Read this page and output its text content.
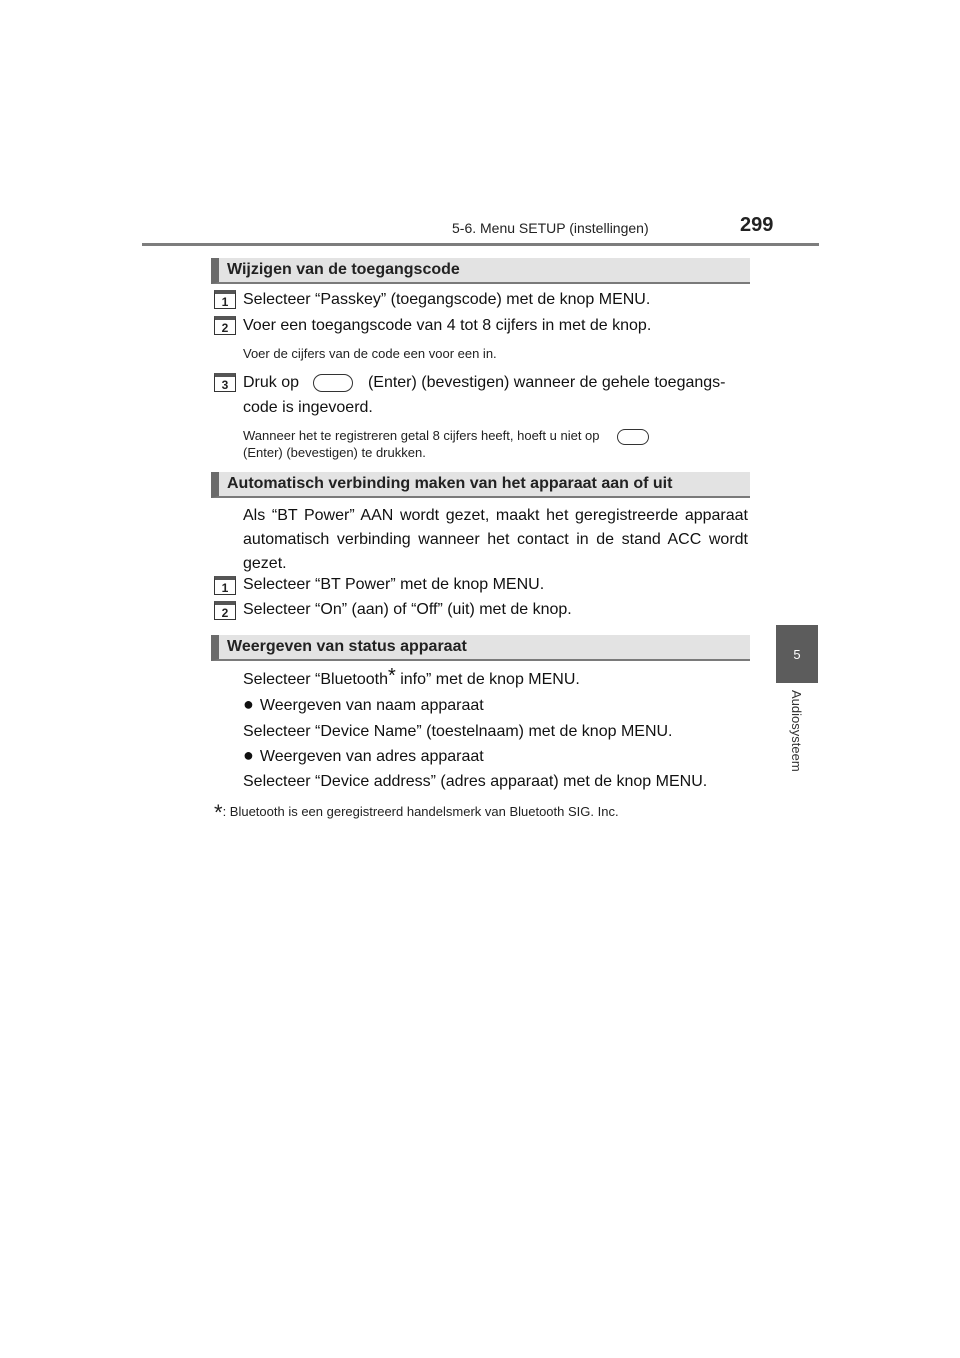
5-6. Menu SETUP (instellingen)	299
5
Audiosysteem
Wijzigen van de toegangscode
1 Selecteer “Passkey” (toegangscode) met de knop MENU.
2 Voer een toegangscode van 4 tot 8 cijfers in met de knop.
Voer de cijfers van de code een voor een in.
3 Druk op	(Enter) (bevestigen) wanneer de gehele toegangs-
code is ingevoerd.
Wanneer het te registreren getal 8 cijfers heeft, hoeft u niet op
(Enter) (bevestigen) te drukken.
Automatisch verbinding maken van het apparaat aan of uit
Als “BT Power” AAN wordt gezet, maakt het geregistreerde apparaat automatisch verbinding wanneer het contact in de stand ACC wordt gezet.
1 Selecteer “BT Power” met de knop MENU.
2 Selecteer “On” (aan) of “Off” (uit) met de knop.
Weergeven van status apparaat
Selecteer “Bluetooth* info” met de knop MENU.
● Weergeven van naam apparaat
Selecteer “Device Name” (toestelnaam) met de knop MENU.
● Weergeven van adres apparaat
Selecteer “Device address” (adres apparaat) met de knop MENU.
*: Bluetooth is een geregistreerd handelsmerk van Bluetooth SIG. Inc.
